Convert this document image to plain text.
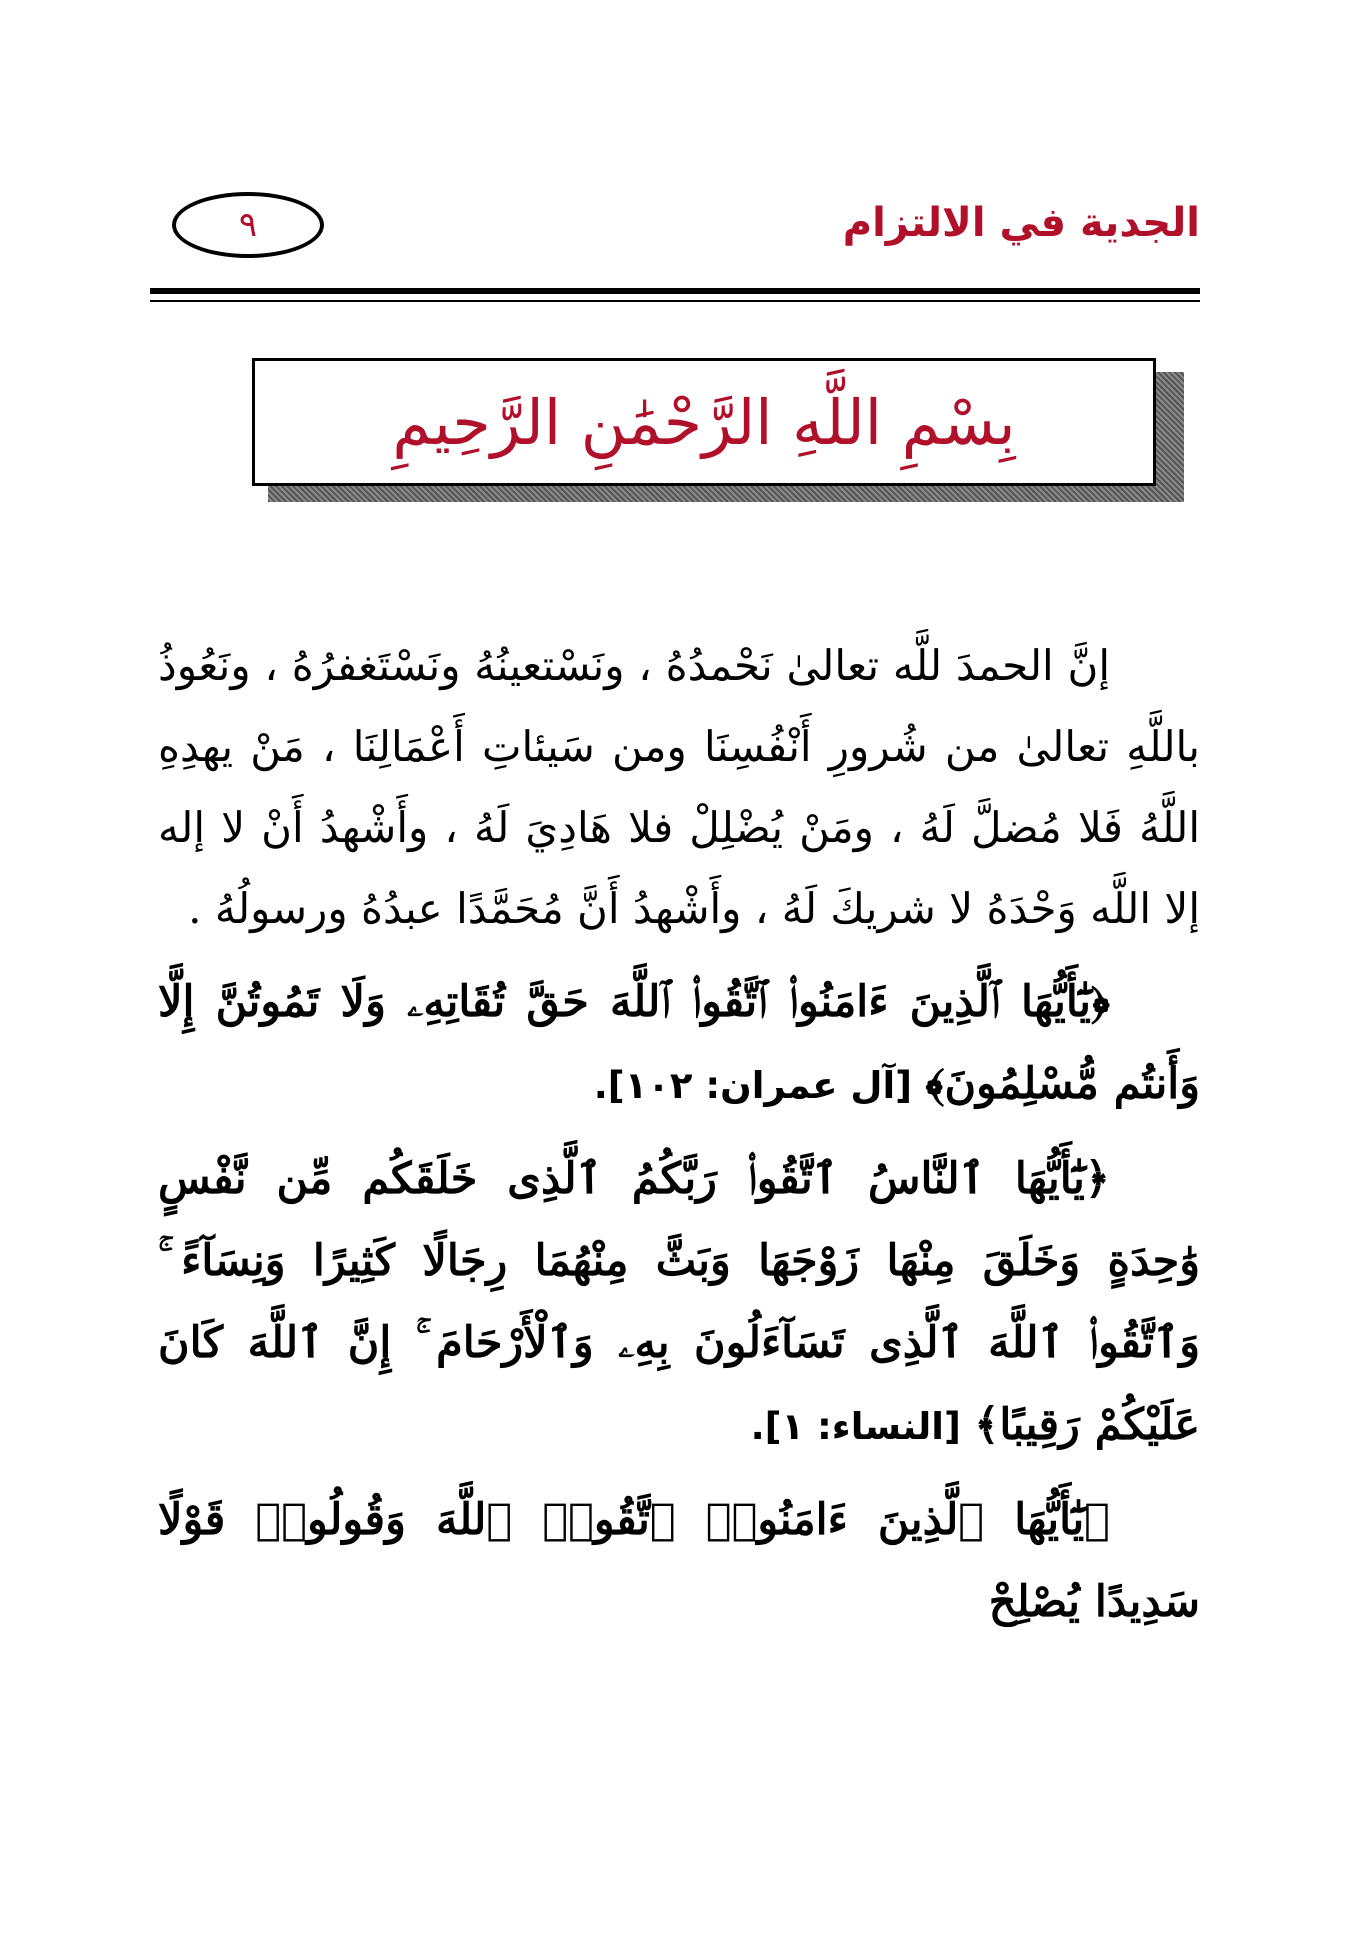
الجدية في الالتزام
٩
بِسْمِ اللَّهِ الرَّحْمَٰنِ الرَّحِيمِ

إنَّ الحمدَ للَّه تعالىٰ نَحْمدُهُ ، ونَسْتعينُهُ ونَسْتَغفرُهُ ، ونَعُوذُ باللَّهِ تعالىٰ من شُرورِ أَنْفُسِنَا ومن سَيئاتِ أَعْمَالِنَا ، مَنْ يهدِهِ اللَّهُ فَلا مُضلَّ لَهُ ، ومَنْ يُضْلِلْ فلا هَادِيَ لَهُ ، وأَشْهدُ أَنْ لا إله إلا اللَّه وَحْدَهُ لا شريكَ لَهُ ، وأَشْهدُ أَنَّ مُحَمَّدًا عبدُهُ ورسولُهُ .

﴿يَٰٓأَيُّهَا ٱلَّذِينَ ءَامَنُوا۟ ٱتَّقُوا۟ ٱللَّهَ حَقَّ تُقَاتِهِۦ وَلَا تَمُوتُنَّ إِلَّا وَأَنتُم مُّسْلِمُونَ﴾ [آل عمران: ١٠٢].

﴿يَٰٓأَيُّهَا ٱلنَّاسُ ٱتَّقُوا۟ رَبَّكُمُ ٱلَّذِى خَلَقَكُم مِّن نَّفْسٍ وَٰحِدَةٍ وَخَلَقَ مِنْهَا زَوْجَهَا وَبَثَّ مِنْهُمَا رِجَالًا كَثِيرًا وَنِسَآءً ۚ وَٱتَّقُوا۟ ٱللَّهَ ٱلَّذِى تَسَآءَلُونَ بِهِۦ وَٱلْأَرْحَامَ ۚ إِنَّ ٱللَّهَ كَانَ عَلَيْكُمْ رَقِيبًا﴾ [النساء: ١].

﴿يَٰٓأَيُّهَا ٱلَّذِينَ ءَامَنُوا۟ ٱتَّقُوا۟ ٱللَّهَ وَقُولُوا۟ قَوْلًا سَدِيدًا يُصْلِحْ
